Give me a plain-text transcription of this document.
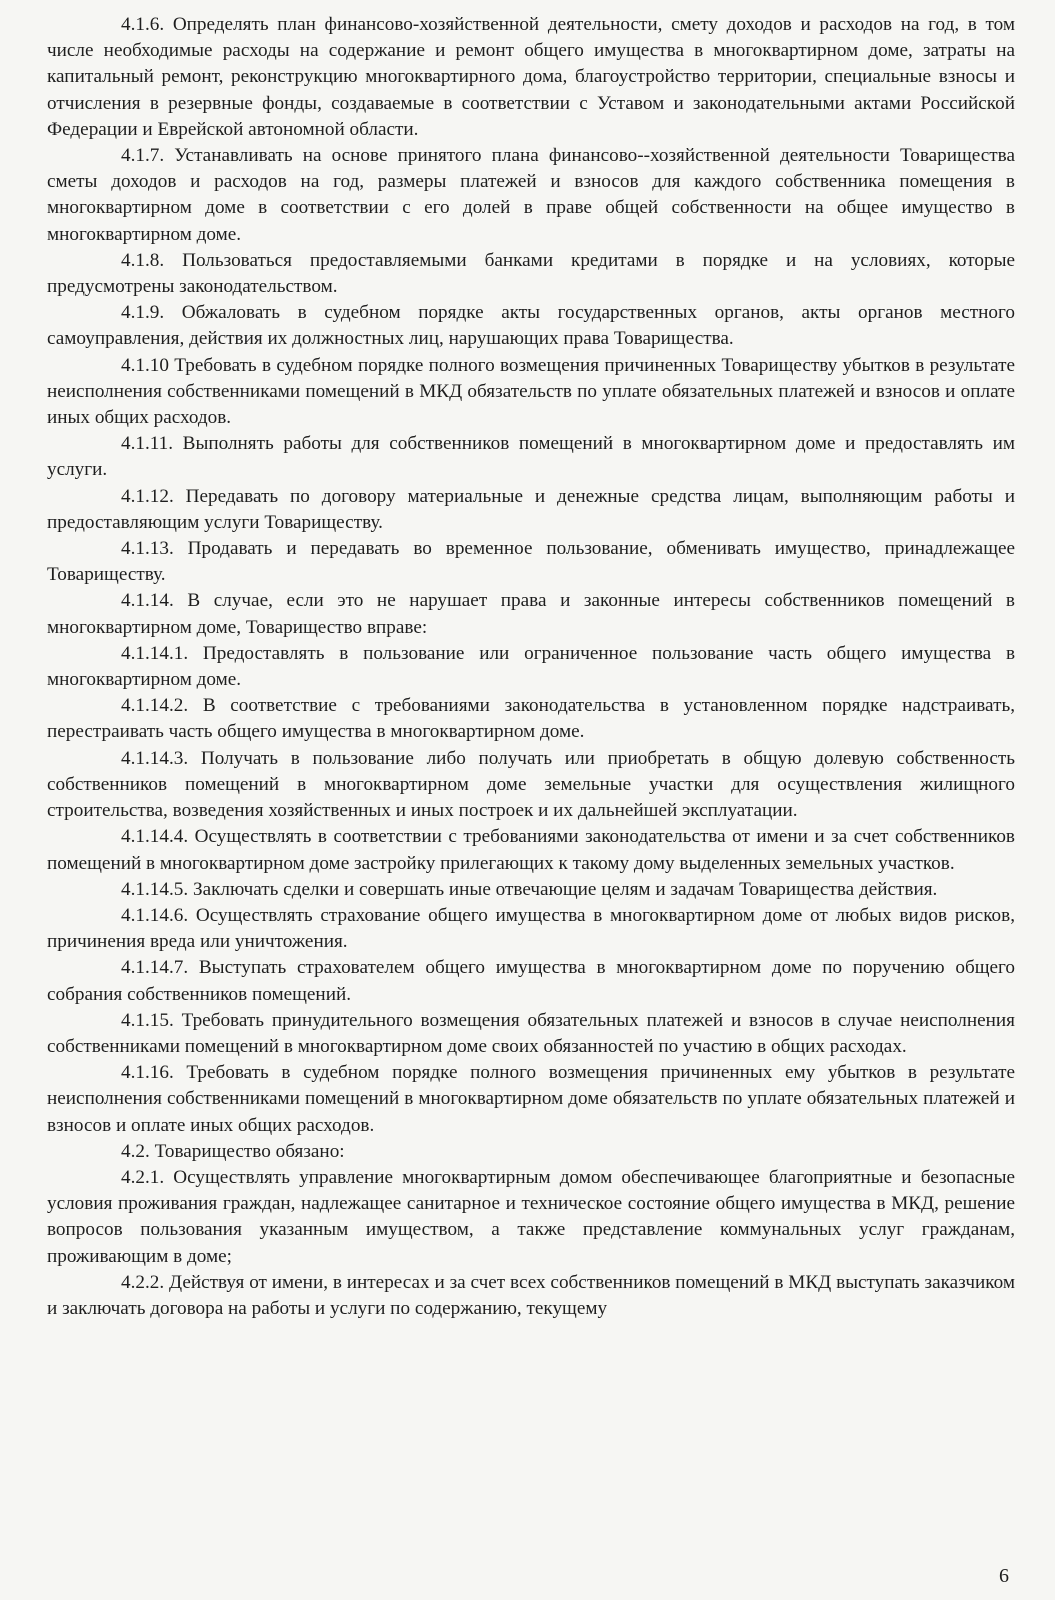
4.1.6. Определять план финансово-хозяйственной деятельности, смету доходов и расходов на год, в том числе необходимые расходы на содержание и ремонт общего имущества в многоквартирном доме, затраты на капитальный ремонт, реконструкцию многоквартирного дома, благоустройство территории, специальные взносы и отчисления в резервные фонды, создаваемые в соответствии с Уставом и законодательными актами Российской Федерации и Еврейской автономной области.

4.1.7. Устанавливать на основе принятого плана финансово--хозяйственной деятельности Товарищества сметы доходов и расходов на год, размеры платежей и взносов для каждого собственника помещения в многоквартирном доме в соответствии с его долей в праве общей собственности на общее имущество в многоквартирном доме.

4.1.8. Пользоваться предоставляемыми банками кредитами в порядке и на условиях, которые предусмотрены законодательством.

4.1.9. Обжаловать в судебном порядке акты государственных органов, акты органов местного самоуправления, действия их должностных лиц, нарушающих права Товарищества.

4.1.10 Требовать в судебном порядке полного возмещения причиненных Товариществу убытков в результате неисполнения собственниками помещений в МКД обязательств по уплате обязательных платежей и взносов и оплате иных общих расходов.

4.1.11. Выполнять работы для собственников помещений в многоквартирном доме и предоставлять им услуги.

4.1.12. Передавать по договору материальные и денежные средства лицам, выполняющим работы и предоставляющим услуги Товариществу.

4.1.13. Продавать и передавать во временное пользование, обменивать имущество, принадлежащее Товариществу.

4.1.14. В случае, если это не нарушает права и законные интересы собственников помещений в многоквартирном доме, Товарищество вправе:

4.1.14.1. Предоставлять в пользование или ограниченное пользование часть общего имущества в многоквартирном доме.

4.1.14.2. В соответствие с требованиями законодательства в установленном порядке надстраивать, перестраивать часть общего имущества в многоквартирном доме.

4.1.14.3. Получать в пользование либо получать или приобретать в общую долевую собственность собственников помещений в многоквартирном доме земельные участки для осуществления жилищного строительства, возведения хозяйственных и иных построек и их дальнейшей эксплуатации.

4.1.14.4. Осуществлять в соответствии с требованиями законодательства от имени и за счет собственников помещений в многоквартирном доме застройку прилегающих к такому дому выделенных земельных участков.

4.1.14.5. Заключать сделки и совершать иные отвечающие целям и задачам Товарищества действия.

4.1.14.6. Осуществлять страхование общего имущества в многоквартирном доме от любых видов рисков, причинения вреда или уничтожения.

4.1.14.7. Выступать страхователем общего имущества в многоквартирном доме по поручению общего собрания собственников помещений.

4.1.15. Требовать принудительного возмещения обязательных платежей и взносов в случае неисполнения собственниками помещений в многоквартирном доме своих обязанностей по участию в общих расходах.

4.1.16. Требовать в судебном порядке полного возмещения причиненных ему убытков в результате неисполнения собственниками помещений в многоквартирном доме обязательств по уплате обязательных платежей и взносов и оплате иных общих расходов.

4.2. Товарищество обязано:

4.2.1. Осуществлять управление многоквартирным домом обеспечивающее благоприятные и безопасные условия проживания граждан, надлежащее санитарное и техническое состояние общего имущества в МКД, решение вопросов пользования указанным имуществом, а также представление коммунальных услуг гражданам, проживающим в доме;

4.2.2. Действуя от имени, в интересах и за счет всех собственников помещений в МКД выступать заказчиком и заключать договора на работы и услуги по содержанию, текущему

6
